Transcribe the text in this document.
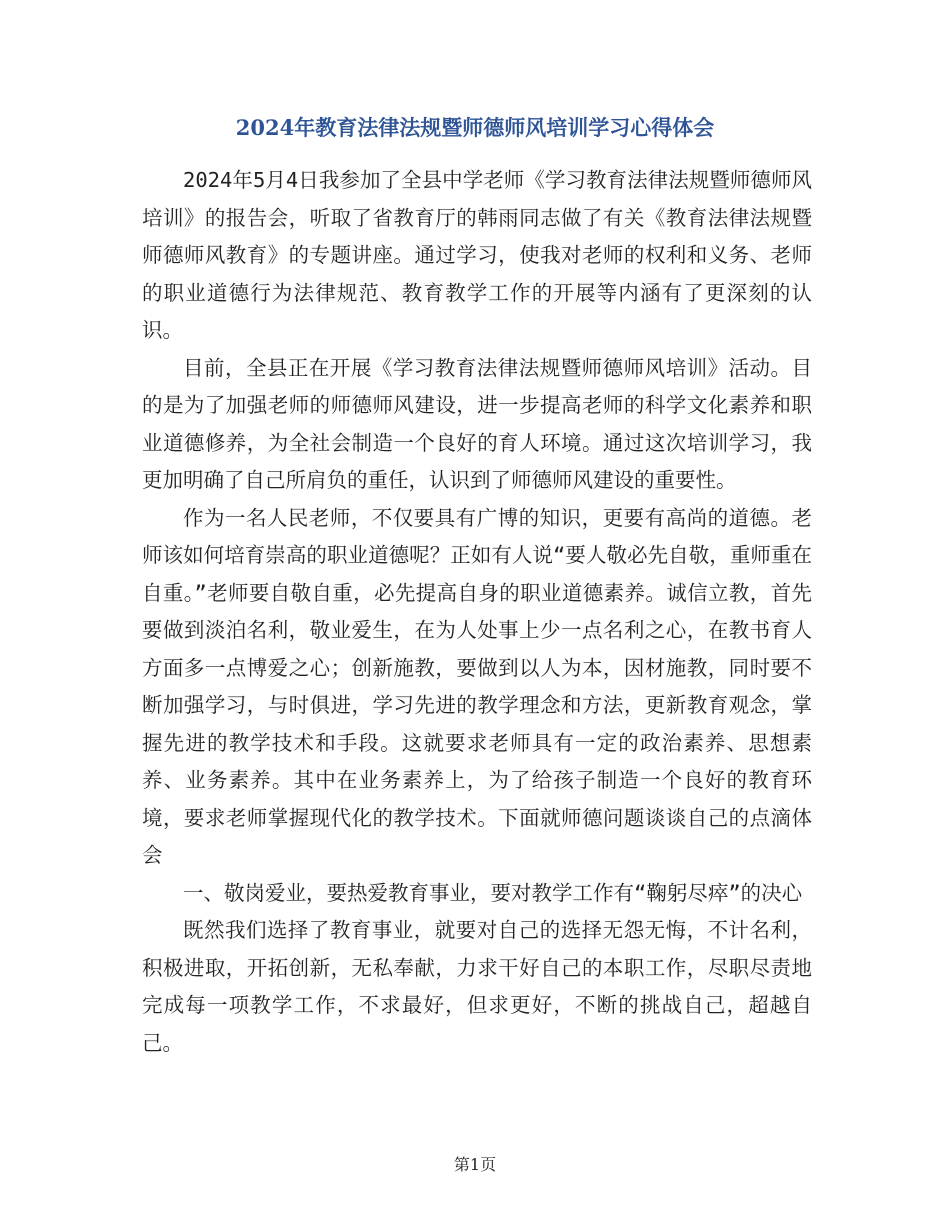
2024年教育法律法规暨师德师风培训学习心得体会

2024年5月4日我参加了全县中学老师《学习教育法律法规暨师德师风培训》的报告会，听取了省教育厅的韩雨同志做了有关《教育法律法规暨师德师风教育》的专题讲座。通过学习，使我对老师的权利和义务、老师的职业道德行为法律规范、教育教学工作的开展等内涵有了更深刻的认识。

目前，全县正在开展《学习教育法律法规暨师德师风培训》活动。目的是为了加强老师的师德师风建设，进一步提高老师的科学文化素养和职业道德修养，为全社会制造一个良好的育人环境。通过这次培训学习，我更加明确了自己所肩负的重任，认识到了师德师风建设的重要性。

作为一名人民老师，不仅要具有广博的知识，更要有高尚的道德。老师该如何培育崇高的职业道德呢？正如有人说“要人敬必先自敬，重师重在自重。”老师要自敬自重，必先提高自身的职业道德素养。诚信立教，首先要做到淡泊名利，敬业爱生，在为人处事上少一点名利之心，在教书育人方面多一点博爱之心；创新施教，要做到以人为本，因材施教，同时要不断加强学习，与时俱进，学习先进的教学理念和方法，更新教育观念，掌握先进的教学技术和手段。这就要求老师具有一定的政治素养、思想素养、业务素养。其中在业务素养上，为了给孩子制造一个良好的教育环境，要求老师掌握现代化的教学技术。下面就师德问题谈谈自己的点滴体会

一、敬岗爱业，要热爱教育事业，要对教学工作有“鞠躬尽瘁”的决心

既然我们选择了教育事业，就要对自己的选择无怨无悔，不计名利，积极进取，开拓创新，无私奉献，力求干好自己的本职工作，尽职尽责地完成每一项教学工作，不求最好，但求更好，不断的挑战自己，超越自己。

第1页
